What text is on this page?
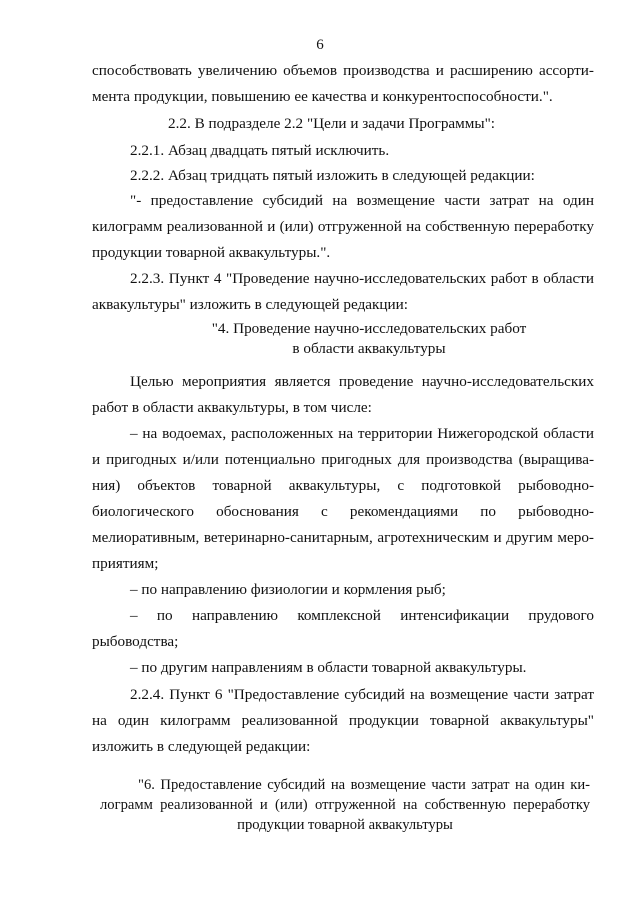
6
способствовать увеличению объемов производства и расширению ассорти-
мента продукции, повышению ее качества и конкурентоспособности.".
2.2. В подразделе 2.2 "Цели и задачи Программы":
2.2.1. Абзац двадцать пятый исключить.
2.2.2. Абзац тридцать пятый изложить в следующей редакции:
"- предоставление субсидий на возмещение части затрат на один
килограмм реализованной и (или) отгруженной на собственную переработку
продукции товарной аквакультуры.".
2.2.3. Пункт 4 "Проведение научно-исследовательских работ в области
аквакультуры" изложить в следующей редакции:
"4. Проведение научно-исследовательских работ
в области аквакультуры
Целью мероприятия является проведение научно-исследовательских
работ в области аквакультуры, в том числе:
– на водоемах, расположенных на территории Нижегородской области
и пригодных и/или потенциально пригодных для производства (выращива-
ния) объектов товарной аквакультуры, с подготовкой рыбоводно-
биологического обоснования с рекомендациями по рыбоводно-
мелиоративным, ветеринарно-санитарным, агротехническим и другим меро-
приятиям;
– по направлению физиологии и кормления рыб;
– по направлению комплексной интенсификации прудового
рыбоводства;
– по другим направлениям в области товарной аквакультуры.
2.2.4. Пункт 6 "Предоставление субсидий на возмещение части затрат
на один килограмм реализованной продукции товарной аквакультуры"
изложить в следующей редакции:
"6. Предоставление субсидий на возмещение части затрат на один ки-
лограмм реализованной и (или) отгруженной на собственную переработку
продукции товарной аквакультуры
